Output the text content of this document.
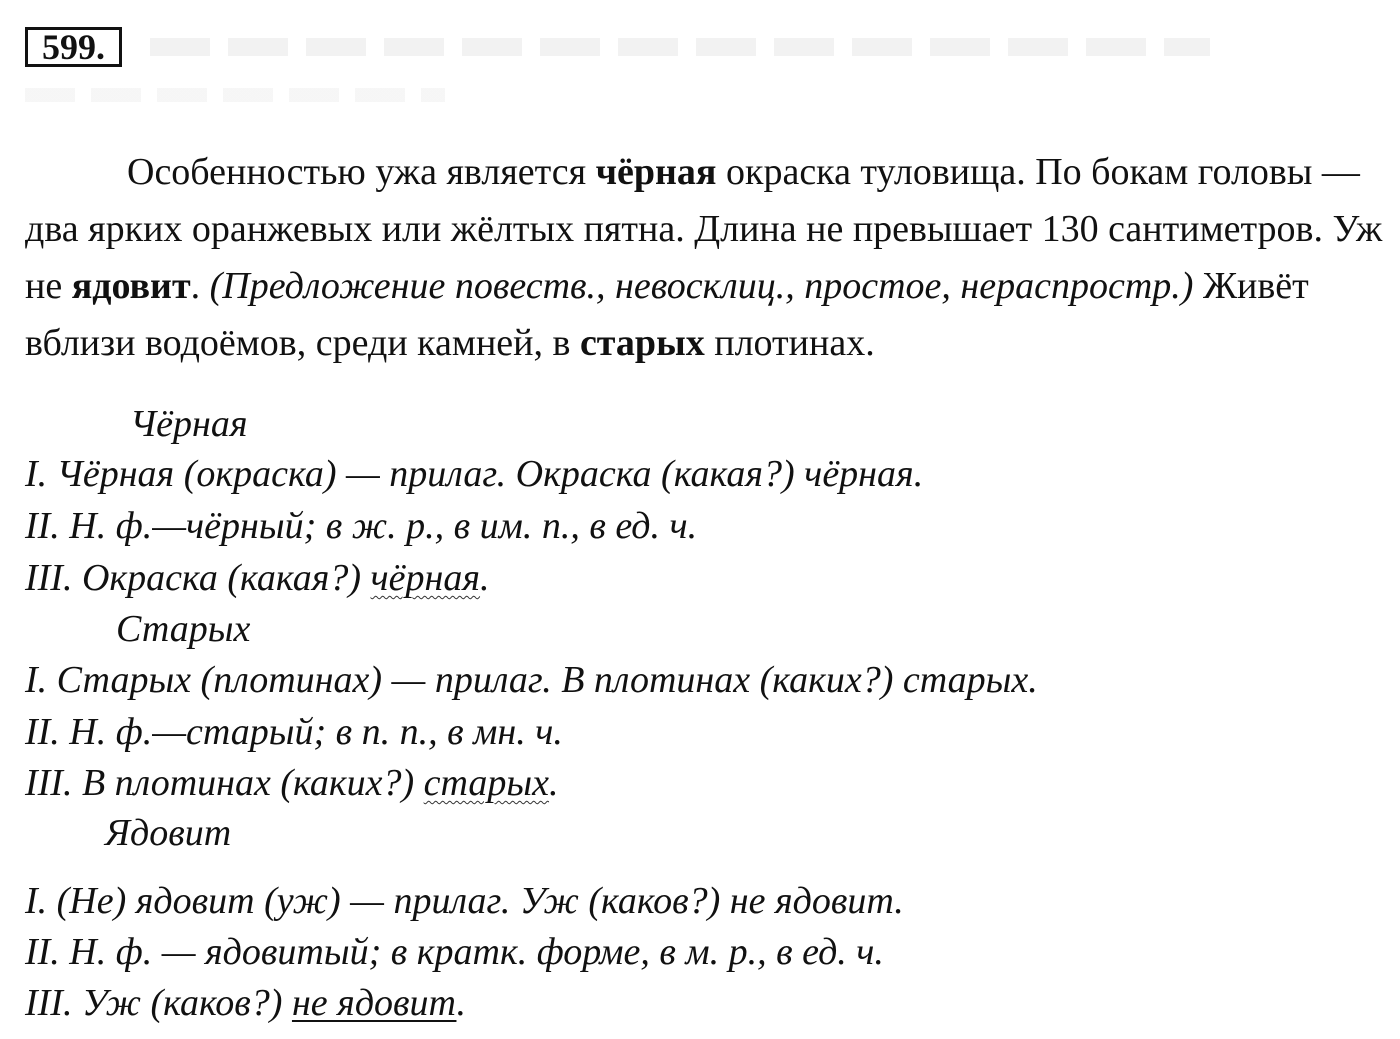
599.

Особенностью ужа является чёрная окраска туловища. По бокам головы — два ярких оранжевых или жёлтых пятна. Длина не превышает 130 сантиметров. Уж не ядовит. (Предложение повеств., невосклиц., простое, нераспростр.) Живёт вблизи водоёмов, среди камней, в старых плотинах.

Чёрная
I. Чёрная (окраска) — прилаг. Окраска (какая?) чёрная.
II. Н. ф.—чёрный; в ж. р., в им. п., в ед. ч.
III. Окраска (какая?) чёрная.
Старых
I. Старых (плотинах) — прилаг. В плотинах (каких?) старых.
II. Н. ф.—старый; в п. п., в мн. ч.
III. В плотинах (каких?) старых.
Ядовит
I. (Не) ядовит (уж) — прилаг. Уж (каков?) не ядовит.
II. Н. ф. — ядовитый; в кратк. форме, в м. р., в ед. ч.
III. Уж (каков?) не ядовит.
